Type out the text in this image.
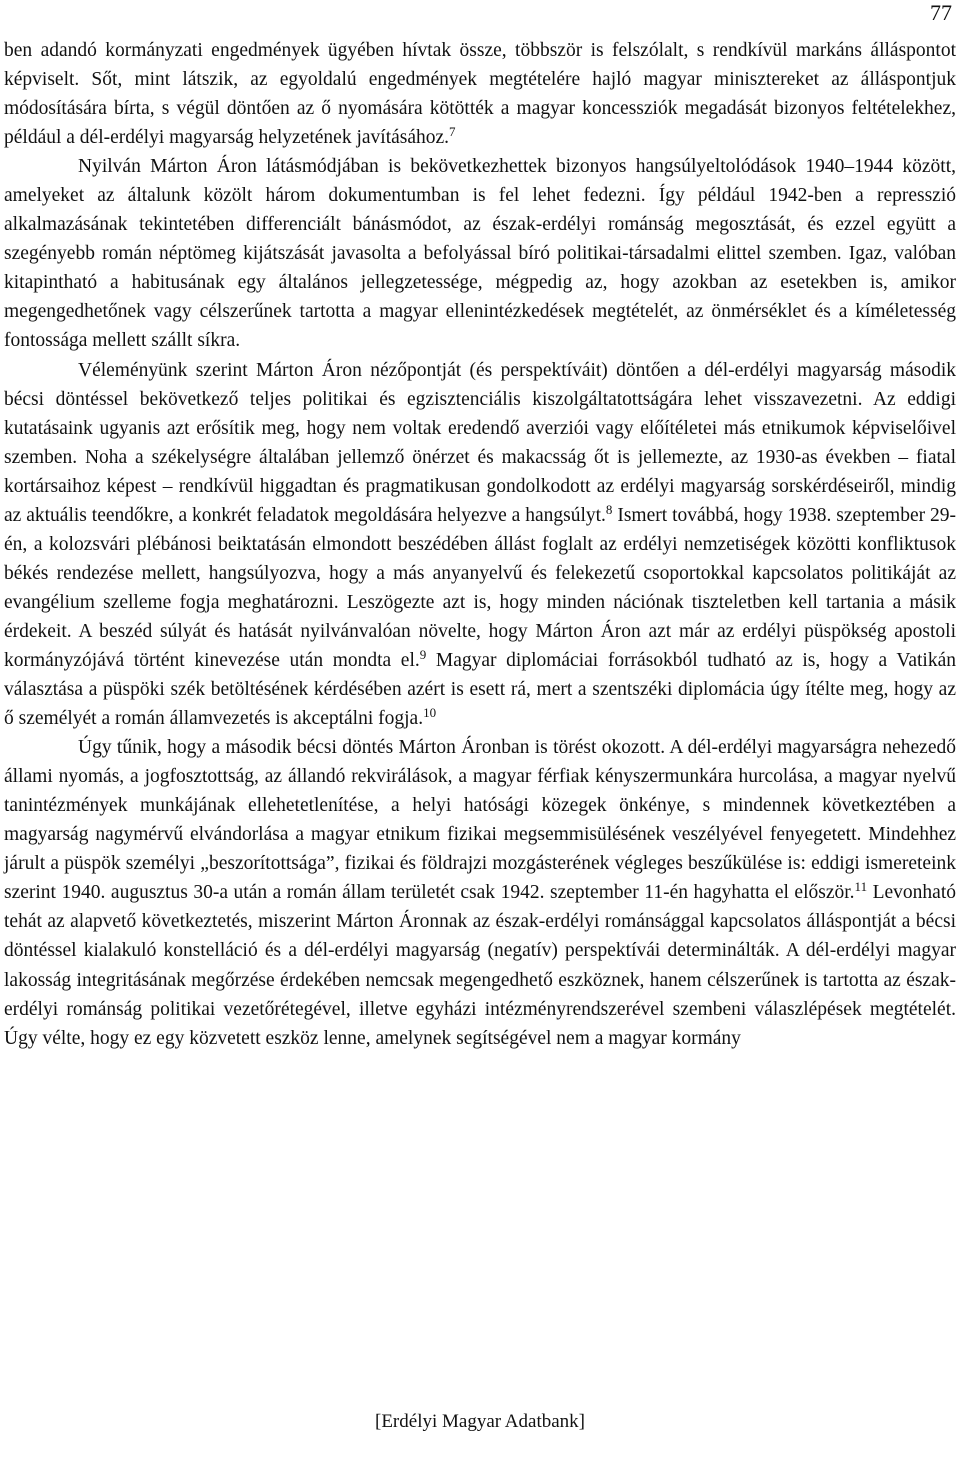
77

ben adandó kormányzati engedmények ügyében hívtak össze, többször is felszólalt, s rendkívül markáns álláspontot képviselt. Sőt, mint látszik, az egyoldalú engedmények megtételére hajló magyar minisztereket az álláspontjuk módosítására bírta, s végül döntően az ő nyomására kötötték a magyar koncessziók megadását bizonyos feltételekhez, például a dél-erdélyi magyarság helyzetének javításához.$^7$

Nyilván Márton Áron látásmódjában is bekövetkezhettek bizonyos hangsúlyeltolódások 1940–1944 között, amelyeket az általunk közölt három dokumentumban is fel lehet fedezni. Így például 1942-ben a represszió alkalmazásának tekintetében differenciált bánásmódot, az észak-erdélyi románság megosztását, és ezzel együtt a szegényebb román néptömeg kijátszását javasolta a befolyással bíró politikai-társadalmi elittel szemben. Igaz, valóban kitapintható a habitusának egy általános jellegzetessége, mégpedig az, hogy azokban az esetekben is, amikor megengedhetőnek vagy célszerűnek tartotta a magyar ellenintézkedések megtételét, az önmérséklet és a kíméletesség fontossága mellett szállt síkra.

Véleményünk szerint Márton Áron nézőpontját (és perspektíváit) döntően a dél-erdélyi magyarság második bécsi döntéssel bekövetkező teljes politikai és egzisztenciális kiszolgáltatottságára lehet visszavezetni. Az eddigi kutatásaink ugyanis azt erősítik meg, hogy nem voltak eredendő averziói vagy előítéletei más etnikumok képviselőivel szemben. Noha a székelységre általában jellemző önérzet és makacsság őt is jellemezte, az 1930-as években – fiatal kortársaihoz képest – rendkívül higgadtan és pragmatikusan gondolkodott az erdélyi magyarság sorskérdéseiről, mindig az aktuális teendőkre, a konkrét feladatok megoldására helyezve a hangsúlyt.$^8$ Ismert továbbá, hogy 1938. szeptember 29-én, a kolozsvári plébánosi beiktatásán elmondott beszédében állást foglalt az erdélyi nemzetiségek közötti konfliktusok békés rendezése mellett, hangsúlyozva, hogy a más anyanyelvű és felekezetű csoportokkal kapcsolatos politikáját az evangélium szelleme fogja meghatározni. Leszögezte azt is, hogy minden nációnak tiszteletben kell tartania a másik érdekeit. A beszéd súlyát és hatását nyilvánvalóan növelte, hogy Márton Áron azt már az erdélyi püspökség apostoli kormányzójává történt kinevezése után mondta el.$^9$ Magyar diplomáciai forrásokból tudható az is, hogy a Vatikán választása a püspöki szék betöltésének kérdésében azért is esett rá, mert a szentszéki diplomácia úgy ítélte meg, hogy az ő személyét a román államvezetés is akceptálni fogja.$^{10}$

Úgy tűnik, hogy a második bécsi döntés Márton Áronban is törést okozott. A dél-erdélyi magyarságra nehezedő állami nyomás, a jogfosztottság, az állandó rekvirálások, a magyar férfiak kényszermunkára hurcolása, a magyar nyelvű tanintézmények munkájának ellehetetlenítése, a helyi hatósági közegek önkénye, s mindennek következtében a magyarság nagymérvű elvándorlása a magyar etnikum fizikai megsemmisülésének veszélyével fenyegetett. Mindehhez járult a püspök személyi „beszorítottsága”, fizikai és földrajzi mozgásterének végleges beszűkülése is: eddigi ismereteink szerint 1940. augusztus 30-a után a román állam területét csak 1942. szeptember 11-én hagyhatta el először.$^{11}$ Levonható tehát az alapvető következtetés, miszerint Márton Áronnak az észak-erdélyi románsággal kapcsolatos álláspontját a bécsi döntéssel kialakuló konstelláció és a dél-erdélyi magyarság (negatív) perspektívái determinálták. A dél-erdélyi magyar lakosság integritásának megőrzése érdekében nemcsak megengedhető eszköznek, hanem célszerűnek is tartotta az észak-erdélyi románság politikai vezetőrétegével, illetve egyházi intézményrendszerével szembeni válaszlépések megtételét. Úgy vélte, hogy ez egy közvetett eszköz lenne, amelynek segítségével nem a magyar kormány

[Erdélyi Magyar Adatbank]
